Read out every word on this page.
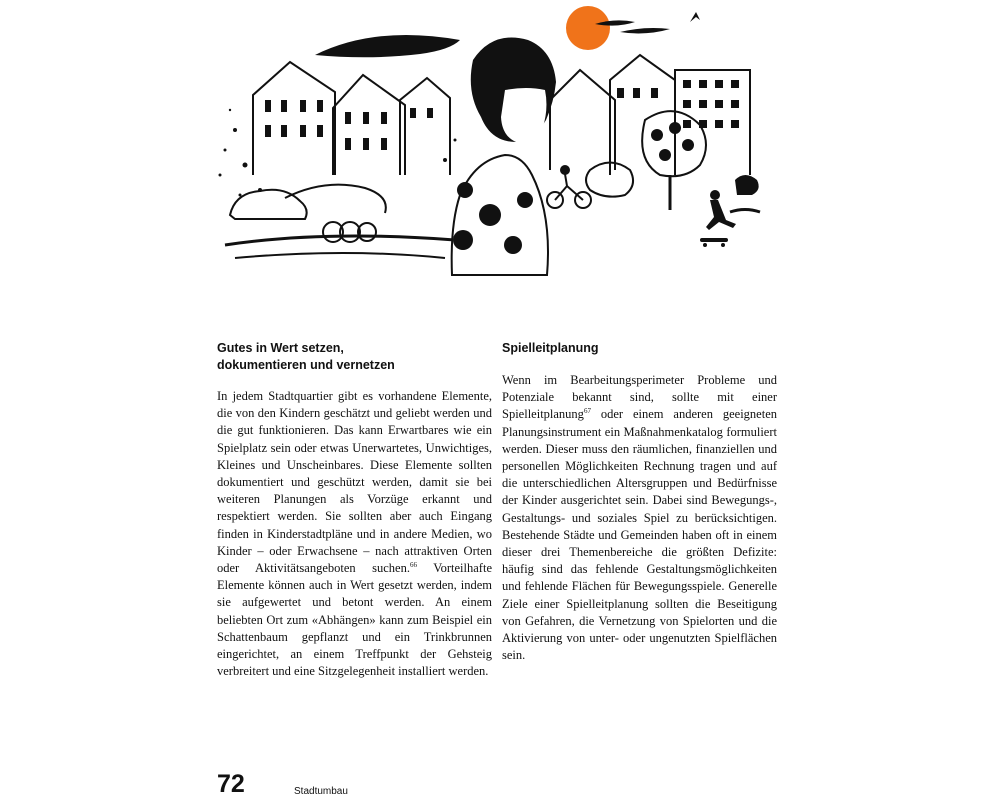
Gutes in Wert setzen,
dokumentieren und vernetzen

In jedem Stadtquartier gibt es vorhandene Elemente, die von den Kindern geschätzt und geliebt werden und die gut funktionieren. Das kann Erwartbares wie ein Spielplatz sein oder etwas Unerwartetes, Unwichtiges, Kleines und Unscheinbares. Diese Elemente sollten dokumentiert und geschützt werden, damit sie bei weiteren Planungen als Vorzüge erkannt und respektiert werden. Sie sollten aber auch Eingang finden in Kinderstadtpläne und in andere Medien, wo Kinder – oder Erwachsene – nach attraktiven Orten oder Aktivitätsangeboten suchen.$^{66}$ Vorteilhafte Elemente können auch in Wert gesetzt werden, indem sie aufgewertet und betont werden. An einem beliebten Ort zum «Abhängen» kann zum Beispiel ein Schattenbaum gepflanzt und ein Trinkbrunnen eingerichtet, an einem Treffpunkt der Gehsteig verbreitert und eine Sitzgelegenheit installiert werden.

Spielleitplanung

Wenn im Bearbeitungsperimeter Probleme und Potenziale bekannt sind, sollte mit einer Spielleitplanung$^{67}$ oder einem anderen geeigneten Planungsinstrument ein Maßnahmenkatalog formuliert werden. Dieser muss den räumlichen, finanziellen und personellen Möglichkeiten Rechnung tragen und auf die unterschiedlichen Altersgruppen und Bedürfnisse der Kinder ausgerichtet sein. Dabei sind Bewegungs-, Gestaltungs- und soziales Spiel zu berücksichtigen. Bestehende Städte und Gemeinden haben oft in einem dieser drei Themenbereiche die größten Defizite: häufig sind das fehlende Gestaltungsmöglichkeiten und fehlende Flächen für Bewegungsspiele. Generelle Ziele einer Spielleitplanung sollten die Beseitigung von Gefahren, die Vernetzung von Spielorten und die Aktivierung von unter- oder ungenutzten Spielflächen sein.

72	Stadtumbau
